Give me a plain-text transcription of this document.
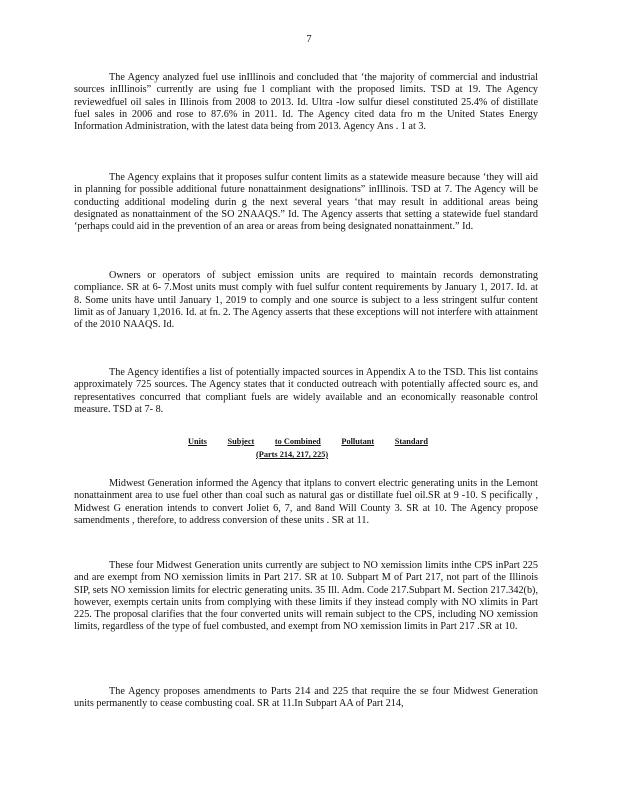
7

The Agency analyzed fuel use inIllinois and concluded that ‘the majority of commercial and industrial sources inIllinois” currently are using fue l compliant with the proposed limits. TSD at 19. The Agency reviewedfuel oil sales in Illinois from 2008 to 2013. Id. Ultra -low sulfur diesel constituted 25.4% of distillate fuel sales in 2006 and rose to 87.6% in 2011. Id. The Agency cited data fro m the United States Energy Information Administration, with the latest data being from 2013. Agency Ans . 1 at 3.

The Agency explains that it proposes sulfur content limits as a statewide measure because ‘they will aid in planning for possible additional future nonattainment designations” inIllinois. TSD at 7. The Agency will be conducting additional modeling durin g the next several years ‘that may result in additional areas being designated as nonattainment of the SO 2NAAQS.” Id. The Agency asserts that setting a statewide fuel standard ‘perhaps could aid in the prevention of an area or areas from being designated nonattainment.” Id.

Owners or operators of subject emission units are required to maintain records demonstrating compliance. SR at 6- 7.Most units must comply with fuel sulfur content requirements by January 1, 2017. Id. at 8. Some units have until January 1, 2019 to comply and one source is subject to a less stringent sulfur content limit as of January 1,2016. Id. at fn. 2. The Agency asserts that these exceptions will not interfere with attainment of the 2010 NAAQS. Id.

The Agency identifies a list of potentially impacted sources in Appendix A to the TSD. This list contains approximately 725 sources. The Agency states that it conducted outreach with potentially affected sourc es, and representatives concurred that compliant fuels are widely available and an economically reasonable control measure. TSD at 7- 8.

Units Subject to Combined Pollutant Standard
(Parts 214, 217, 225)

Midwest Generation informed the Agency that itplans to convert electric generating units in the Lemont nonattainment area to use fuel other than coal such as natural gas or distillate fuel oil.SR at 9 -10. S pecifically , Midwest G eneration intends to convert Joliet 6, 7, and 8and Will County 3. SR at 10. The Agency propose samendments , therefore, to address conversion of these units . SR at 11.

These four Midwest Generation units currently are subject to NO xemission limits inthe CPS inPart 225 and are exempt from NO xemission limits in Part 217. SR at 10. Subpart M of Part 217, not part of the Illinois SIP, sets NO xemission limits for electric generating units. 35 Ill. Adm. Code 217.Subpart M. Section 217.342(b), however, exempts certain units from complying with these limits if they instead comply with NO xlimits in Part 225. The proposal clarifies that the four converted units will remain subject to the CPS, including NO xemission limits, regardless of the type of fuel combusted, and exempt from NO xemission limits in Part 217 .SR at 10.

The Agency proposes amendments to Parts 214 and 225 that require the se four Midwest Generation units permanently to cease combusting coal. SR at 11.In Subpart AA of Part 214,
